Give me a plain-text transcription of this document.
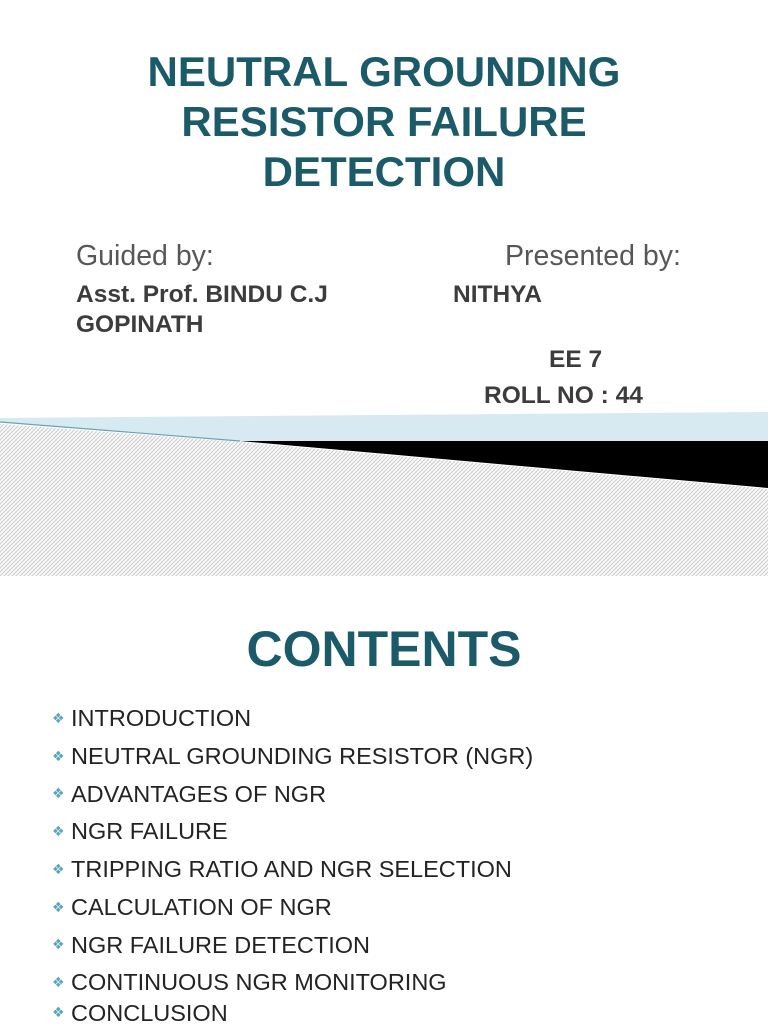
NEUTRAL GROUNDING
RESISTOR FAILURE
DETECTION
Guided by:	Presented by:
Asst. Prof. BINDU C.J
GOPINATH
NITHYA
EE 7
ROLL NO : 44
CONTENTS
❖
INTRODUCTION
❖
NEUTRAL GROUNDING RESISTOR (NGR)
❖
ADVANTAGES OF NGR
❖
NGR FAILURE
❖
TRIPPING RATIO AND NGR SELECTION
❖
CALCULATION OF NGR
❖
NGR FAILURE DETECTION
❖
CONTINUOUS NGR MONITORING
❖
CONCLUSION
